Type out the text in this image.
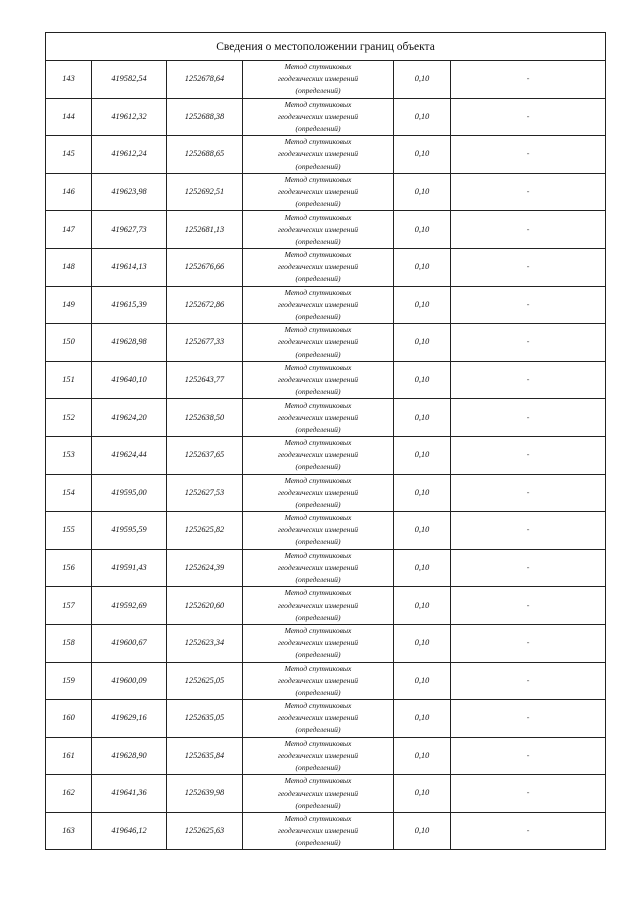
Сведения о местоположении границ объекта					
143	419582,54	1252678,64	Метод спутниковых
геодезических измерений
(определений)	0,10	-
144	419612,32	1252688,38	Метод спутниковых
геодезических измерений
(определений)	0,10	-
145	419612,24	1252688,65	Метод спутниковых
геодезических измерений
(определений)	0,10	-
146	419623,98	1252692,51	Метод спутниковых
геодезических измерений
(определений)	0,10	-
147	419627,73	1252681,13	Метод спутниковых
геодезических измерений
(определений)	0,10	-
148	419614,13	1252676,66	Метод спутниковых
геодезических измерений
(определений)	0,10	-
149	419615,39	1252672,86	Метод спутниковых
геодезических измерений
(определений)	0,10	-
150	419628,98	1252677,33	Метод спутниковых
геодезических измерений
(определений)	0,10	-
151	419640,10	1252643,77	Метод спутниковых
геодезических измерений
(определений)	0,10	-
152	419624,20	1252638,50	Метод спутниковых
геодезических измерений
(определений)	0,10	-
153	419624,44	1252637,65	Метод спутниковых
геодезических измерений
(определений)	0,10	-
154	419595,00	1252627,53	Метод спутниковых
геодезических измерений
(определений)	0,10	-
155	419595,59	1252625,82	Метод спутниковых
геодезических измерений
(определений)	0,10	-
156	419591,43	1252624,39	Метод спутниковых
геодезических измерений
(определений)	0,10	-
157	419592,69	1252620,60	Метод спутниковых
геодезических измерений
(определений)	0,10	-
158	419600,67	1252623,34	Метод спутниковых
геодезических измерений
(определений)	0,10	-
159	419600,09	1252625,05	Метод спутниковых
геодезических измерений
(определений)	0,10	-
160	419629,16	1252635,05	Метод спутниковых
геодезических измерений
(определений)	0,10	-
161	419628,90	1252635,84	Метод спутниковых
геодезических измерений
(определений)	0,10	-
162	419641,36	1252639,98	Метод спутниковых
геодезических измерений
(определений)	0,10	-
163	419646,12	1252625,63	Метод спутниковых
геодезических измерений
(определений)	0,10	-
